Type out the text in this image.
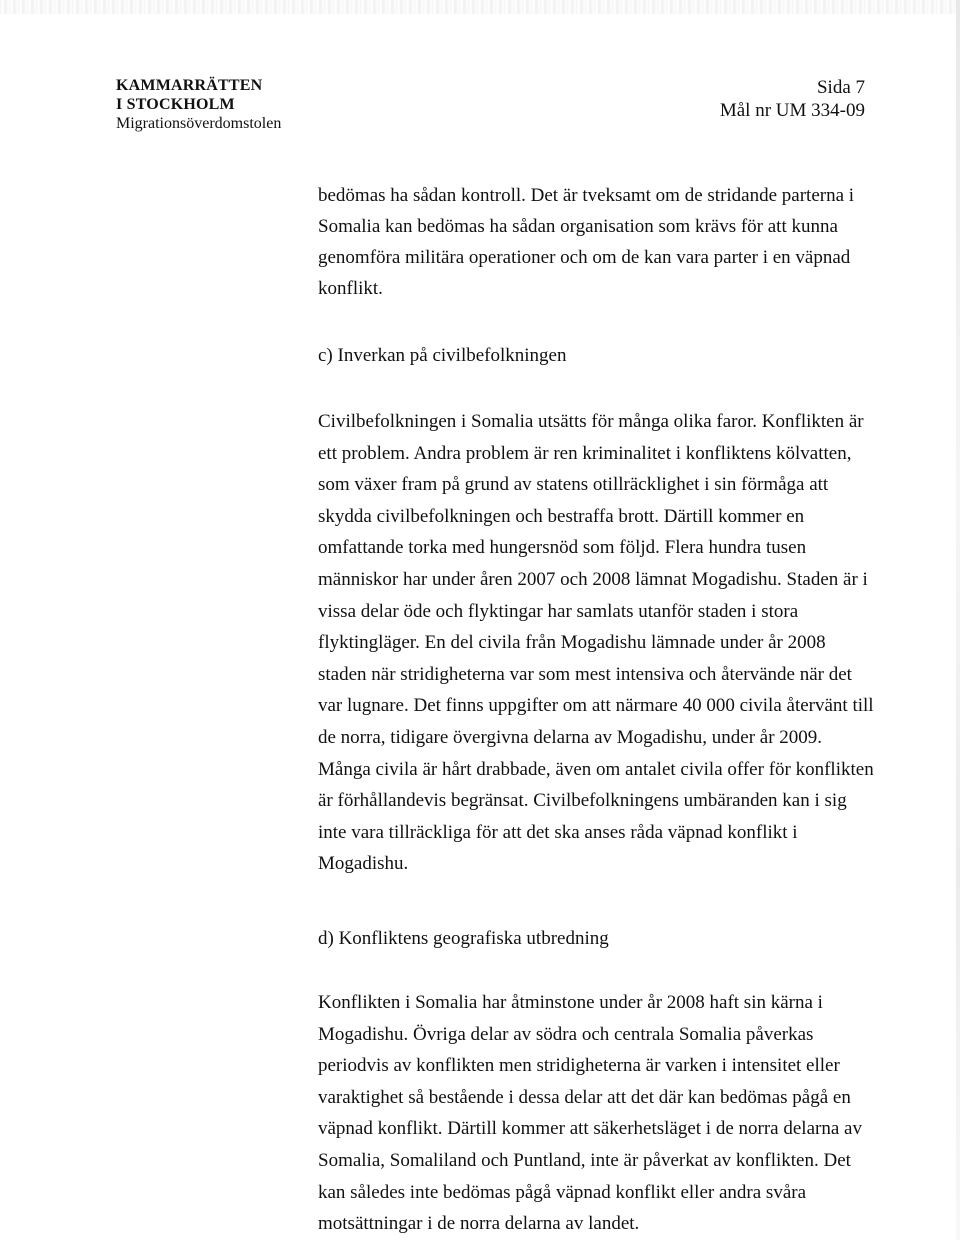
KAMMARRÄTTEN
I STOCKHOLM
Migrationsöverdomstolen
Sida 7
Mål nr UM 334-09
bedömas ha sådan kontroll. Det är tveksamt om de stridande parterna i
Somalia kan bedömas ha sådan organisation som krävs för att kunna
genomföra militära operationer och om de kan vara parter i en väpnad
konflikt.
c) Inverkan på civilbefolkningen
Civilbefolkningen i Somalia utsätts för många olika faror. Konflikten är
ett problem. Andra problem är ren kriminalitet i konfliktens kölvatten,
som växer fram på grund av statens otillräcklighet i sin förmåga att
skydda civilbefolkningen och bestraffa brott. Därtill kommer en
omfattande torka med hungersnöd som följd. Flera hundra tusen
människor har under åren 2007 och 2008 lämnat Mogadishu. Staden är i
vissa delar öde och flyktingar har samlats utanför staden i stora
flyktingläger. En del civila från Mogadishu lämnade under år 2008
staden när stridigheterna var som mest intensiva och återvände när det
var lugnare. Det finns uppgifter om att närmare 40 000 civila återvänt till
de norra, tidigare övergivna delarna av Mogadishu, under år 2009.
Många civila är hårt drabbade, även om antalet civila offer för konflikten
är förhållandevis begränsat. Civilbefolkningens umbäranden kan i sig
inte vara tillräckliga för att det ska anses råda väpnad konflikt i
Mogadishu.
d) Konfliktens geografiska utbredning
Konflikten i Somalia har åtminstone under år 2008 haft sin kärna i
Mogadishu. Övriga delar av södra och centrala Somalia påverkas
periodvis av konflikten men stridigheterna är varken i intensitet eller
varaktighet så bestående i dessa delar att det där kan bedömas pågå en
väpnad konflikt. Därtill kommer att säkerhetsläget i de norra delarna av
Somalia, Somaliland och Puntland, inte är påverkat av konflikten. Det
kan således inte bedömas pågå väpnad konflikt eller andra svåra
motsättningar i de norra delarna av landet.
